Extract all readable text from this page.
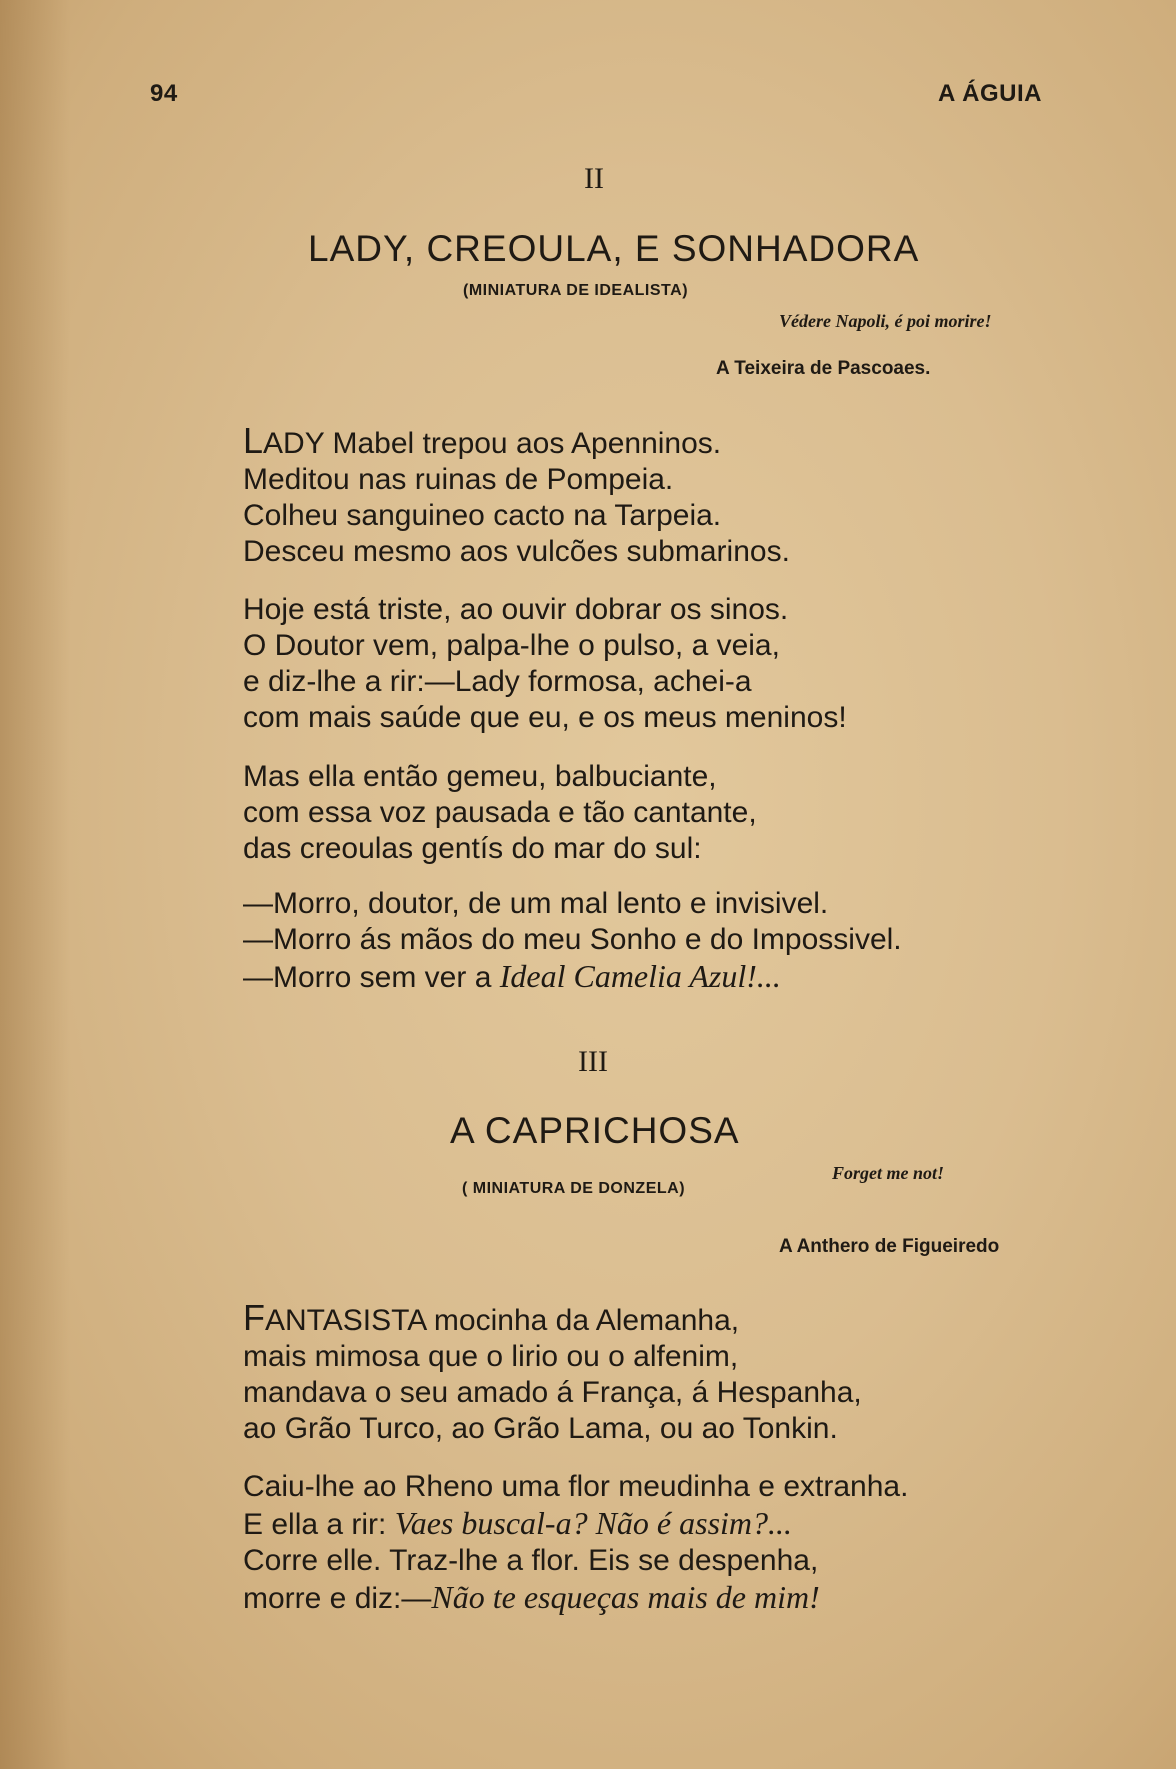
94	A ÁGUIA
II
LADY, CREOULA, E SONHADORA
(MINIATURA DE IDEALISTA)
Védere Napoli, é poi morire!
A Teixeira de Pascoaes.
LADY Mabel trepou aos Apenninos.
Meditou nas ruinas de Pompeia.
Colheu sanguineo cacto na Tarpeia.
Desceu mesmo aos vulcões submarinos.
Hoje está triste, ao ouvir dobrar os sinos.
O Doutor vem, palpa-lhe o pulso, a veia,
e diz-lhe a rir:—Lady formosa, achei-a
com mais saúde que eu, e os meus meninos!
Mas ella então gemeu, balbuciante,
com essa voz pausada e tão cantante,
das creoulas gentís do mar do sul:
—Morro, doutor, de um mal lento e invisivel.
—Morro ás mãos do meu Sonho e do Impossivel.
—Morro sem ver a Ideal Camelia Azul!...
III
A CAPRICHOSA
( MINIATURA DE DONZELA)
Forget me not!
A Anthero de Figueiredo
FANTASISTA mocinha da Alemanha,
mais mimosa que o lirio ou o alfenim,
mandava o seu amado á França, á Hespanha,
ao Grão Turco, ao Grão Lama, ou ao Tonkin.
Caiu-lhe ao Rheno uma flor meudinha e extranha.
E ella a rir: Vaes buscal-a? Não é assim?...
Corre elle. Traz-lhe a flor. Eis se despenha,
morre e diz:—Não te esqueças mais de mim!
